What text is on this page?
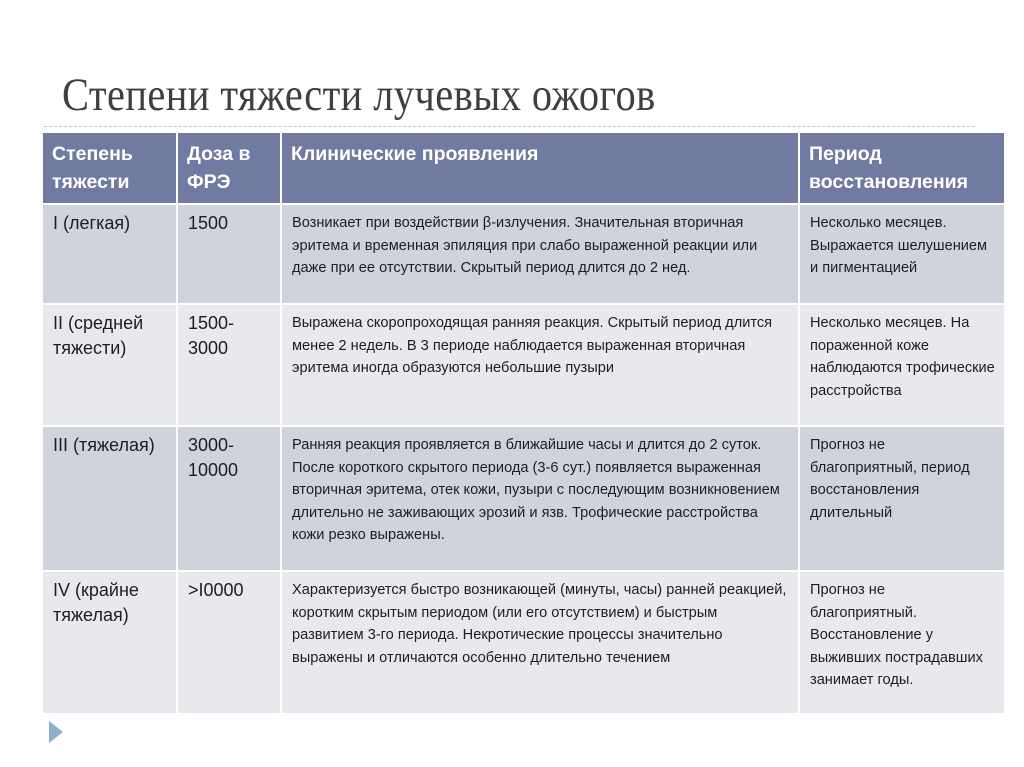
Степени тяжести лучевых ожогов
Степень тяжести	Доза в ФРЭ	Клинические проявления	Период восстановления
I (легкая)	1500	Возникает при воздействии β-излучения. Значительная вторичная эритема и временная эпиляция при слабо выраженной реакции или даже при ее отсутствии. Скрытый период длится до 2 нед.	Несколько месяцев. Выражается шелушением и пигментацией
II (средней тяжести)	1500-3000	Выражена скоропроходящая ранняя реакция. Скрытый период длится менее 2 недель. В 3 периоде наблюдается выраженная вторичная эритема иногда образуются небольшие пузыри	Несколько месяцев. На пораженной коже наблюдаются трофические расстройства
III (тяжелая)	3000-10000	Ранняя реакция проявляется в ближайшие часы и длится до 2 суток. После короткого скрытого периода (3-6 сут.) появляется выраженная вторичная эритема, отек кожи, пузыри с последующим возникновением длительно не заживающих эрозий и язв. Трофические расстройства кожи резко выражены.	Прогноз не благоприятный, период восстановления длительный
IV (крайне тяжелая)	>I0000	Характеризуется быстро возникающей (минуты, часы) ранней реакцией, коротким скрытым периодом (или его отсутствием) и быстрым развитием 3-го периода. Некротические процессы значительно выражены и отличаются особенно длительно течением	Прогноз не благоприятный. Восстановление у выживших пострадавших занимает годы.
